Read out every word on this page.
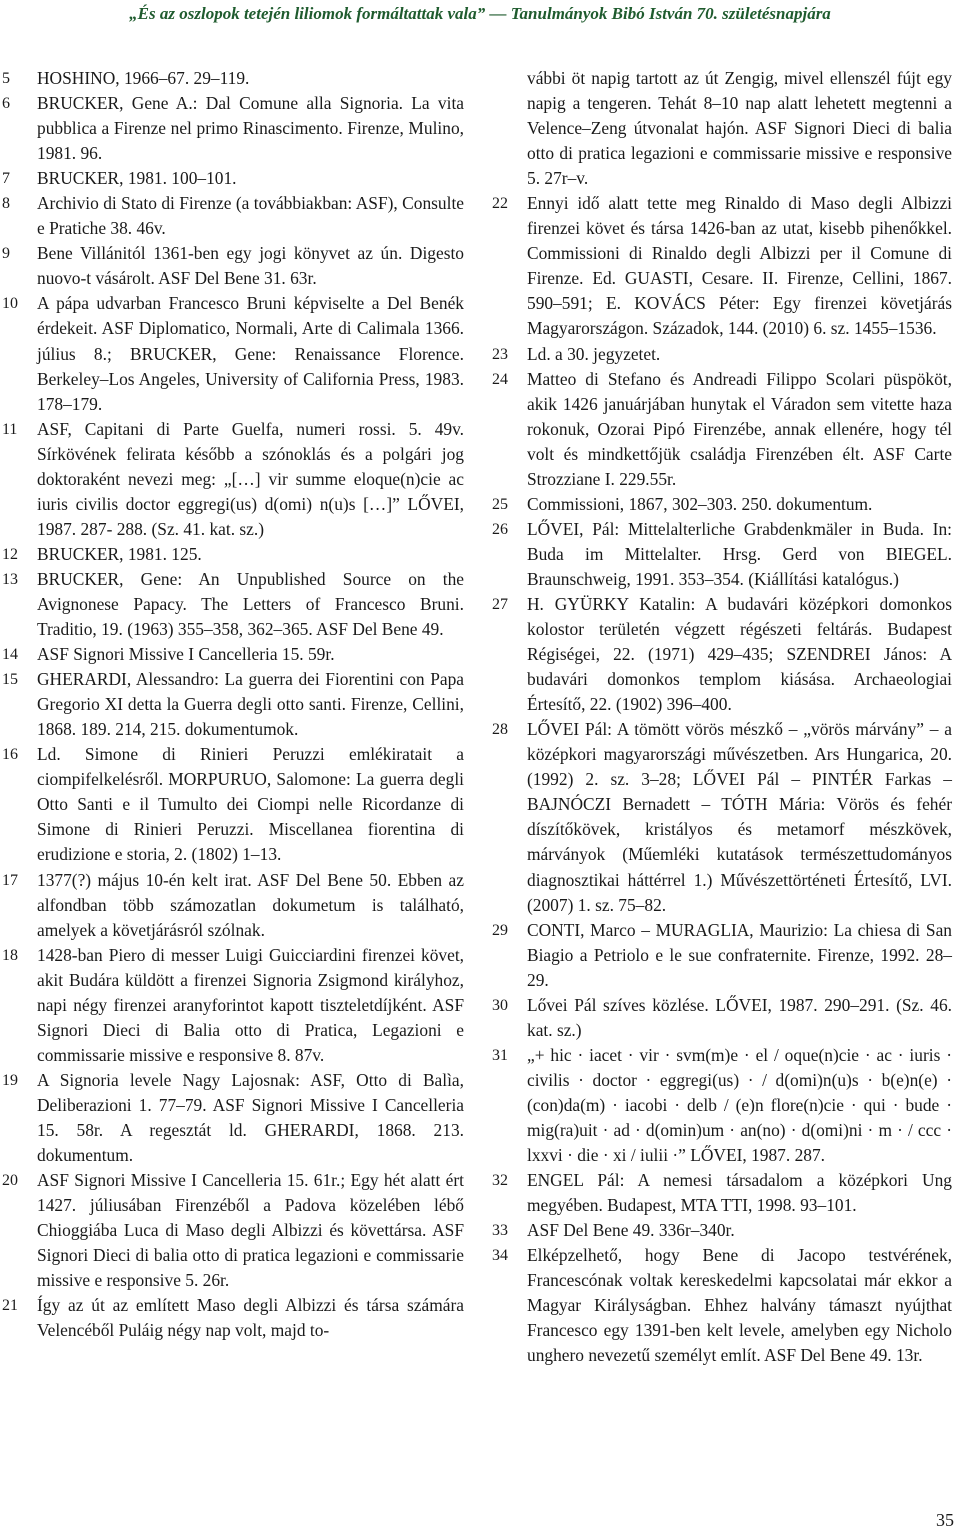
„És az oszlopok tetején liliomok formáltattak vala” — Tanulmányok Bibó István 70. születésnapjára

5	HOSHINO, 1966–67. 29–119.

6	BRUCKER, Gene A.: Dal Comune alla Signoria. La vita pubblica a Firenze nel primo Rinascimento. Firenze, Mulino, 1981. 96.

7	BRUCKER, 1981. 100–101.

8	Archivio di Stato di Firenze (a továbbiakban: ASF), Consulte e Pratiche 38. 46v.

9	Bene Villánitól 1361-ben egy jogi könyvet az ún. Digesto nuovo-t vásárolt. ASF Del Bene 31. 63r.

10	A pápa udvarban Francesco Bruni képviselte a Del Benék érdekeit. ASF Diplomatico, Normali, Arte di Calimala 1366. július 8.; BRUCKER, Gene: Renaissance Florence. Berkeley–Los Angeles, University of California Press, 1983. 178–179.

11	ASF, Capitani di Parte Guelfa, numeri rossi. 5. 49v. Sírkövének felirata később a szónoklás és a polgári jog doktoraként nevezi meg: „[…] vir summe eloque(n)cie ac iuris civilis doctor eggregi(us) d(omi) n(u)s […]” LŐVEI, 1987. 287- 288. (Sz. 41. kat. sz.)

12	BRUCKER, 1981. 125.

13	BRUCKER, Gene: An Unpublished Source on the Avignonese Papacy. The Letters of Francesco Bruni. Traditio, 19. (1963) 355–358, 362–365. ASF Del Bene 49.

14	ASF Signori Missive I Cancelleria 15. 59r.

15	GHERARDI, Alessandro: La guerra dei Fiorentini con Papa Gregorio XI detta la Guerra degli otto santi. Firenze, Cellini, 1868. 189. 214, 215. dokumentumok.

16	Ld. Simone di Rinieri Peruzzi emlékiratait a ciompifelkelésről. MORPURUO, Salomone: La guerra degli Otto Santi e il Tumulto dei Ciompi nelle Ricordanze di Simone di Rinieri Peruzzi. Miscellanea fiorentina di erudizione e storia, 2. (1802) 1–13.

17	1377(?) május 10-én kelt irat. ASF Del Bene 50. Ebben az alfondban több számozatlan dokumetum is található, amelyek a követjárásról szólnak.

18	1428-ban Piero di messer Luigi Guicciardini firenzei követ, akit Budára küldött a firenzei Signoria Zsigmond királyhoz, napi négy firenzei aranyforintot kapott tiszteletdíjként. ASF Signori Dieci di Balia otto di Pratica, Legazioni e commissarie missive e responsive 8. 87v.

19	A Signoria levele Nagy Lajosnak: ASF, Otto di Balìa, Deliberazioni 1. 77–79. ASF Signori Missive I Cancelleria 15. 58r. A regesztát ld. GHERARDI, 1868. 213. dokumentum.

20	ASF Signori Missive I Cancelleria 15. 61r.; Egy hét alatt ért 1427. júliusában Firenzéből a Padova közelében lébő Chioggiába Luca di Maso degli Albizzi és követtársa. ASF Signori Dieci di balia otto di pratica legazioni e commissarie missive e responsive 5. 26r.

21	Így az út az említett Maso degli Albizzi és társa számára Velencéből Puláig négy nap volt, majd to-

vábbi öt napig tartott az út Zengig, mivel ellenszél fújt egy napig a tengeren. Tehát 8–10 nap alatt lehetett megtenni a Velence–Zeng útvonalat hajón. ASF Signori Dieci di balia otto di pratica legazioni e commissarie missive e responsive 5. 27r–v.

22	Ennyi idő alatt tette meg Rinaldo di Maso degli Albizzi firenzei követ és társa 1426-ban az utat, kisebb pihenőkkel. Commissioni di Rinaldo degli Albizzi per il Comune di Firenze. Ed. GUASTI, Cesare. II. Firenze, Cellini, 1867. 590–591; E. KOVÁCS Péter: Egy firenzei követjárás Magyarországon. Századok, 144. (2010) 6. sz. 1455–1536.

23	Ld. a 30. jegyzetet.

24	Matteo di Stefano és Andreadi Filippo Scolari püspököt, akik 1426 januárjában hunytak el Váradon sem vitette haza rokonuk, Ozorai Pipó Firenzébe, annak ellenére, hogy tél volt és mindkettőjük családja Firenzében élt. ASF Carte Strozziane I. 229.55r.

25	Commissioni, 1867, 302–303. 250. dokumentum.

26	LŐVEI, Pál: Mittelalterliche Grabdenkmäler in Buda. In: Buda im Mittelalter. Hrsg. Gerd von BIEGEL. Braunschweig, 1991. 353–354. (Kiállítási katalógus.)

27	H. GYÜRKY Katalin: A budavári középkori domonkos kolostor területén végzett régészeti feltárás. Budapest Régiségei, 22. (1971) 429–435; SZENDREI János: A budavári domonkos templom kiásása. Archaeologiai Értesítő, 22. (1902) 396–400.

28	LŐVEI Pál: A tömött vörös mészkő – „vörös márvány” – a középkori magyarországi művészetben. Ars Hungarica, 20. (1992) 2. sz. 3–28; LŐVEI Pál – PINTÉR Farkas – BAJNÓCZI Bernadett – TÓTH Mária: Vörös és fehér díszítőkövek, kristályos és metamorf mészkövek, márványok (Műemléki kutatások természettudományos diagnosztikai háttérrel 1.) Művészettörténeti Értesítő, LVI. (2007) 1. sz. 75–82.

29	CONTI, Marco – MURAGLIA, Maurizio: La chiesa di San Biagio a Petriolo e le sue confraternite. Firenze, 1992. 28–29.

30	Lővei Pál szíves közlése. LŐVEI, 1987. 290–291. (Sz. 46. kat. sz.)

31	„+ hic · iacet · vir · svm(m)e · el / oque(n)cie · ac · iuris · civilis · doctor · eggregi(us) · / d(omi)n(u)s · b(e)n(e) · (con)da(m) · iacobi · delb / (e)n flore(n)cie · qui · bude · mig(ra)uit · ad · d(omin)um · an(no) · d(omi)ni · m · / ccc · lxxvi · die · xi / iulii ·” LŐVEI, 1987. 287.

32	ENGEL Pál: A nemesi társadalom a középkori Ung megyében. Budapest, MTA TTI, 1998. 93–101.

33	ASF Del Bene 49. 336r–340r.

34	Elképzelhető, hogy Bene di Jacopo testvérének, Francescónak voltak kereskedelmi kapcsolatai már ekkor a Magyar Királyságban. Ehhez halvány támaszt nyújthat Francesco egy 1391-ben kelt levele, amelyben egy Nicholo unghero nevezetű személyt említ. ASF Del Bene 49. 13r.

35
